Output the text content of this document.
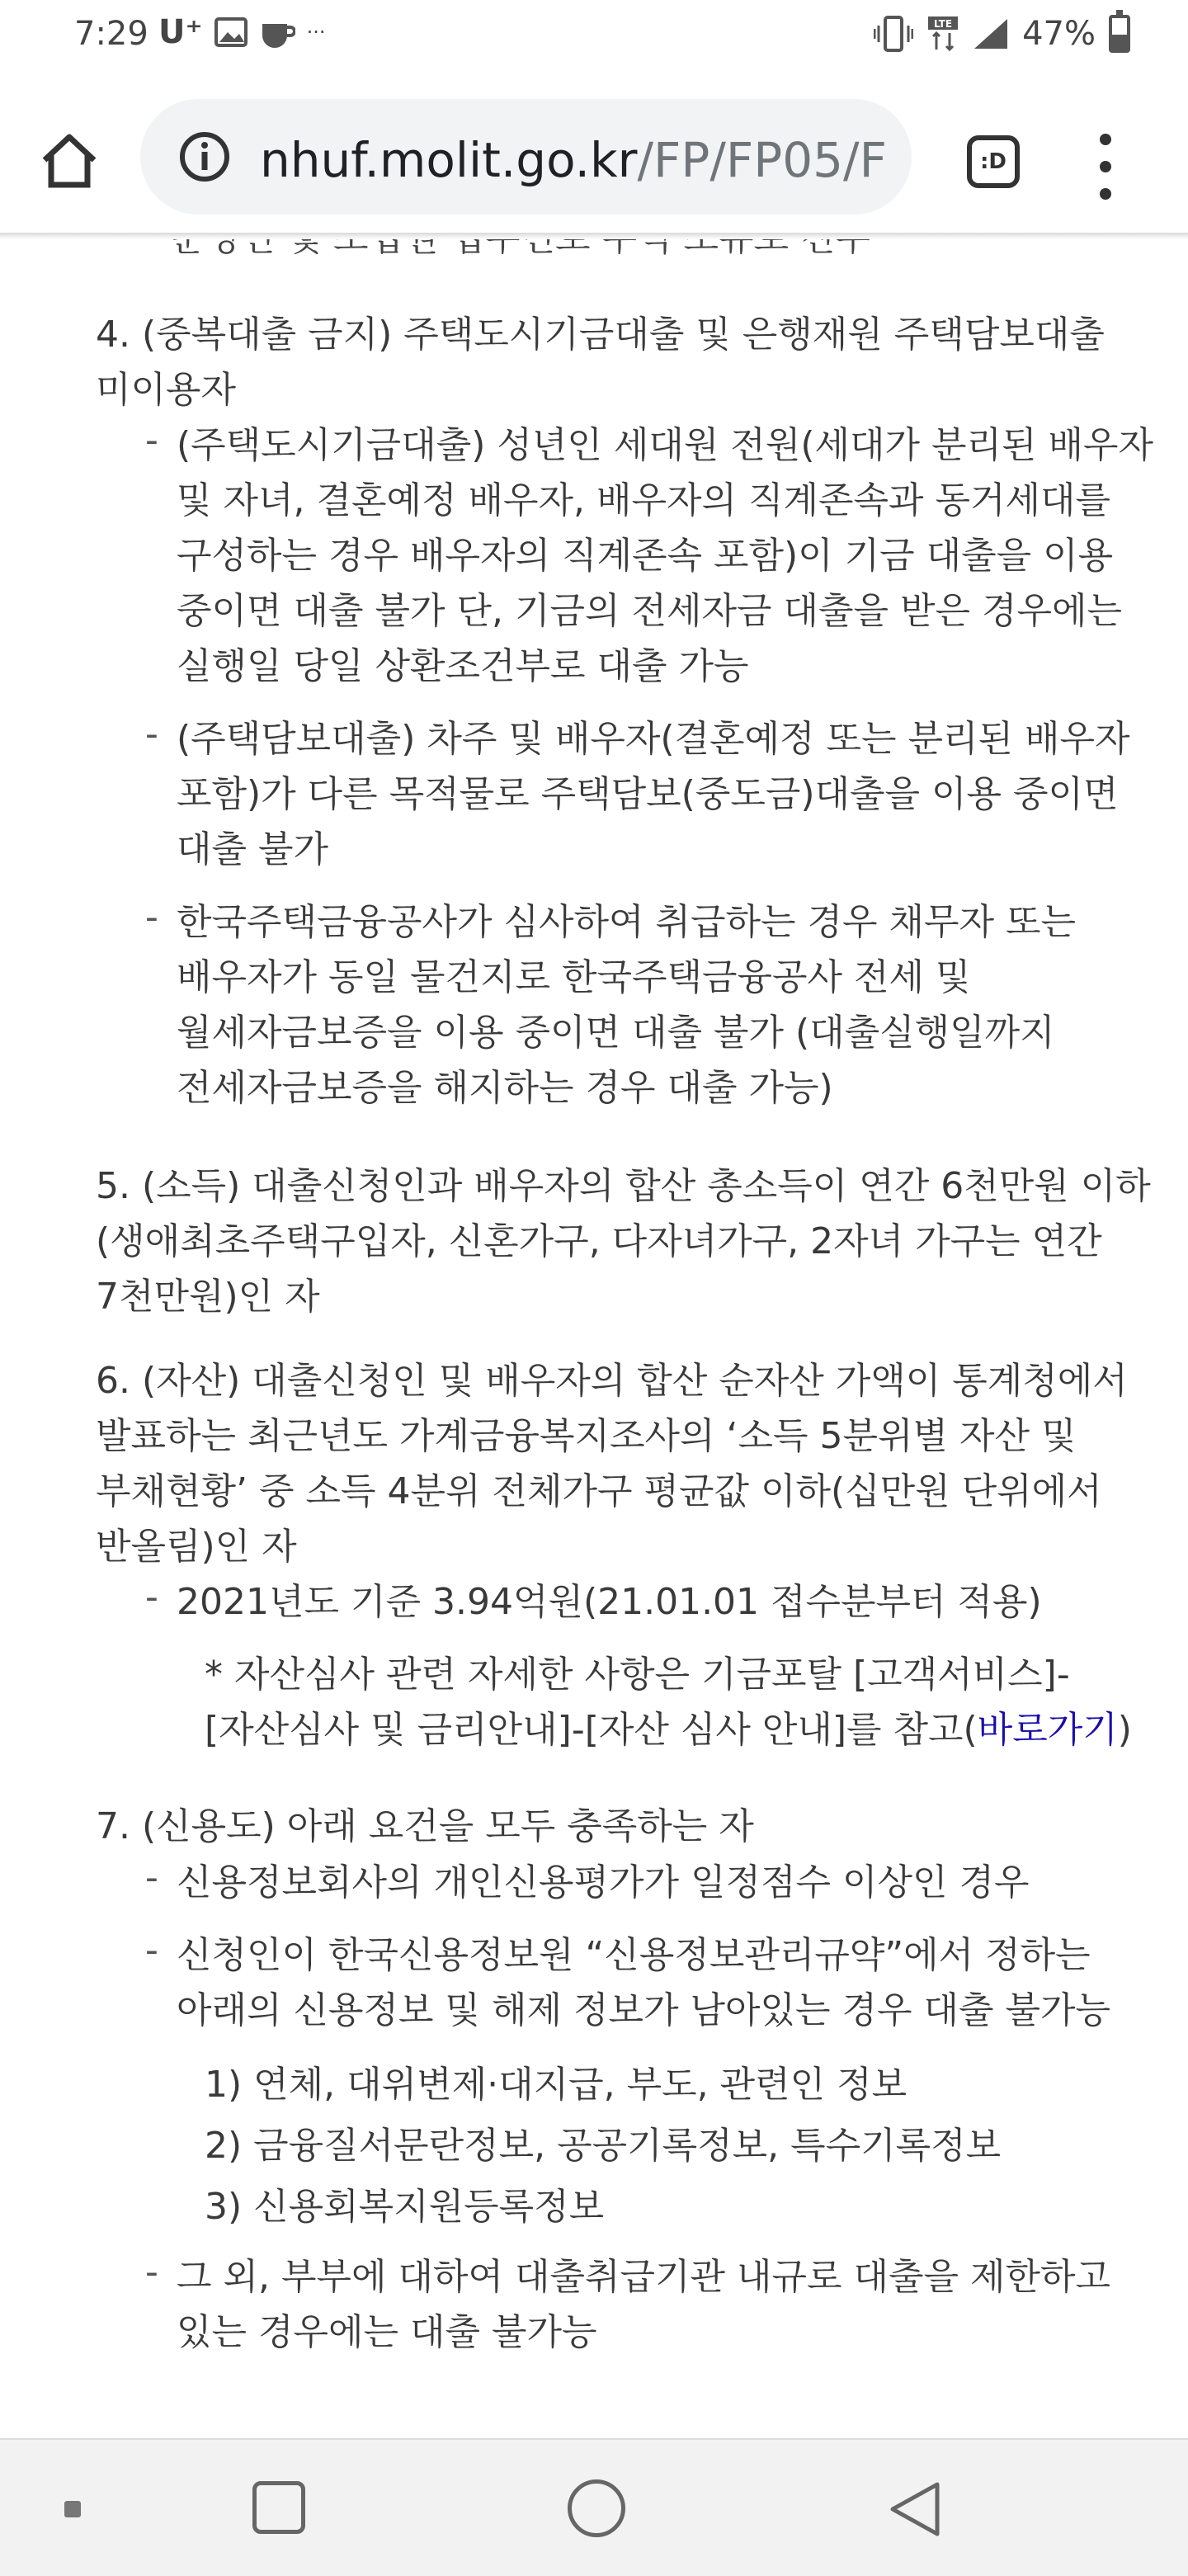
4. (중복대출 금지) 주택도시기금대출 및 은행재원 주택담보대출
미이용자
- (주택도시기금대출) 성년인 세대원 전원(세대가 분리된 배우자
및 자녀, 결혼예정 배우자, 배우자의 직계존속과 동거세대를
구성하는 경우 배우자의 직계존속 포함)이 기금 대출을 이용
중이면 대출 불가 단, 기금의 전세자금 대출을 받은 경우에는
실행일 당일 상환조건부로 대출 가능
- (주택담보대출) 차주 및 배우자(결혼예정 또는 분리된 배우자
포함)가 다른 목적물로 주택담보(중도금)대출을 이용 중이면
대출 불가
- 한국주택금융공사가 심사하여 취급하는 경우 채무자 또는
배우자가 동일 물건지로 한국주택금융공사 전세 및
월세자금보증을 이용 중이면 대출 불가 (대출실행일까지
전세자금보증을 해지하는 경우 대출 가능)
5. (소득) 대출신청인과 배우자의 합산 총소득이 연간 6천만원 이하
(생애최초주택구입자, 신혼가구, 다자녀가구, 2자녀 가구는 연간
7천만원)인 자
6. (자산) 대출신청인 및 배우자의 합산 순자산 가액이 통계청에서
발표하는 최근년도 가계금융복지조사의 ‘소득 5분위별 자산 및
부채현황’ 중 소득 4분위 전체가구 평균값 이하(십만원 단위에서
반올림)인 자
- 2021년도 기준 3.94억원(21.01.01 접수분부터 적용)
* 자산심사 관련 자세한 사항은 기금포탈 [고객서비스]-
[자산심사 및 금리안내]-[자산 심사 안내]를 참고(바로가기)
7. (신용도) 아래 요건을 모두 충족하는 자
- 신용정보회사의 개인신용평가가 일정점수 이상인 경우
- 신청인이 한국신용정보원 “신용정보관리규약”에서 정하는
아래의 신용정보 및 해제 정보가 남아있는 경우 대출 불가능
1) 연체, 대위변제·대지급, 부도, 관련인 정보
2) 금융질서문란정보, 공공기록정보, 특수기록정보
3) 신용회복지원등록정보
- 그 외, 부부에 대하여 대출취급기관 내규로 대출을 제한하고
있는 경우에는 대출 불가능
7:29 U⁺	···	LTE 47%
nhuf.molit.go.kr/FP/FP05/F	:D
